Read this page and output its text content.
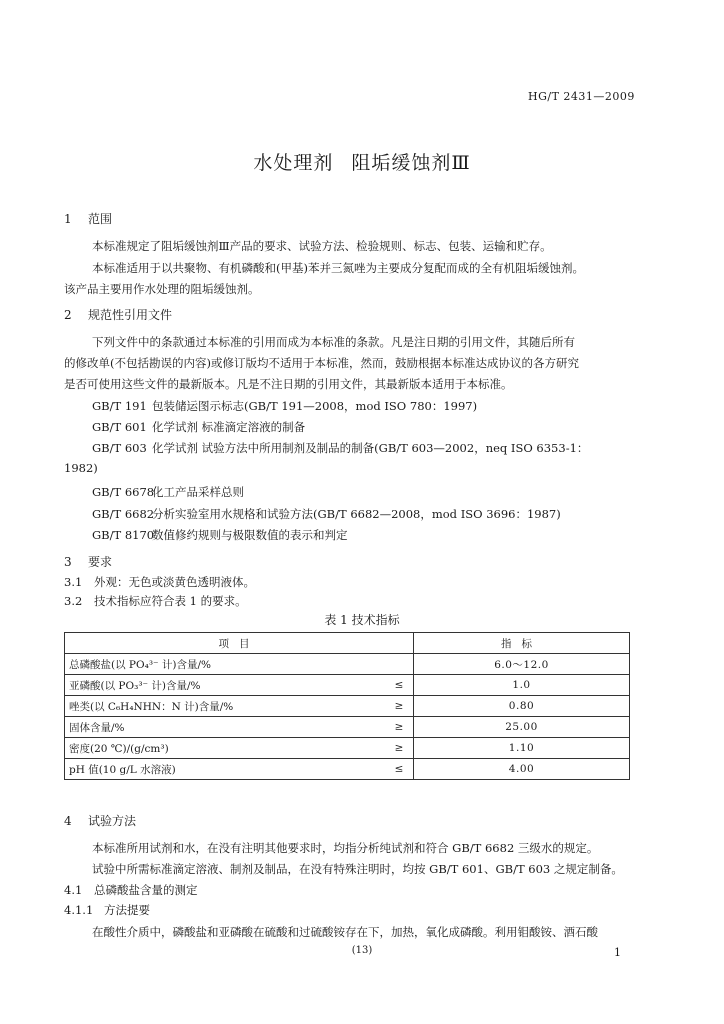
HG/T 2431—2009
水处理剂 阻垢缓蚀剂Ⅲ
1 范围
本标准规定了阻垢缓蚀剂Ⅲ产品的要求、试验方法、检验规则、标志、包装、运输和贮存。
本标准适用于以共聚物、有机磷酸和(甲基)苯并三氮唑为主要成分复配而成的全有机阻垢缓蚀剂。
该产品主要用作水处理的阻垢缓蚀剂。
2 规范性引用文件
下列文件中的条款通过本标准的引用而成为本标准的条款。凡是注日期的引用文件，其随后所有
的修改单(不包括勘误的内容)或修订版均不适用于本标准，然而，鼓励根据本标准达成协议的各方研究
是否可使用这些文件的最新版本。凡是不注日期的引用文件，其最新版本适用于本标准。
GB/T 191 包装储运图示标志(GB/T 191—2008，mod ISO 780：1997)
GB/T 601 化学试剂 标准滴定溶液的制备
GB/T 603 化学试剂 试验方法中所用制剂及制品的制备(GB/T 603—2002，neq ISO 6353-1：
1982)
GB/T 6678化工产品采样总则
GB/T 6682分析实验室用水规格和试验方法(GB/T 6682—2008，mod ISO 3696：1987)
GB/T 8170数值修约规则与极限数值的表示和判定
3 要求
3.1 外观：无色或淡黄色透明液体。
3.2 技术指标应符合表 1 的要求。
表 1 技术指标
项目		指标
总磷酸盐(以 PO₄³⁻ 计)含量/%		6.0～12.0
亚磷酸(以 PO₃³⁻ 计)含量/%	≤	1.0
唑类(以 C₆H₄NHN：N 计)含量/%	≥	0.80
固体含量/%	≥	25.00
密度(20 ℃)/(g/cm³)	≥	1.10
pH 值(10 g/L 水溶液)	≤	4.00
4 试验方法
本标准所用试剂和水，在没有注明其他要求时，均指分析纯试剂和符合 GB/T 6682 三级水的规定。
试验中所需标准滴定溶液、制剂及制品，在没有特殊注明时，均按 GB/T 601、GB/T 603 之规定制备。
4.1 总磷酸盐含量的测定
4.1.1 方法提要
在酸性介质中，磷酸盐和亚磷酸在硫酸和过硫酸铵存在下，加热，氧化成磷酸。利用钼酸铵、酒石酸
(13)	1
